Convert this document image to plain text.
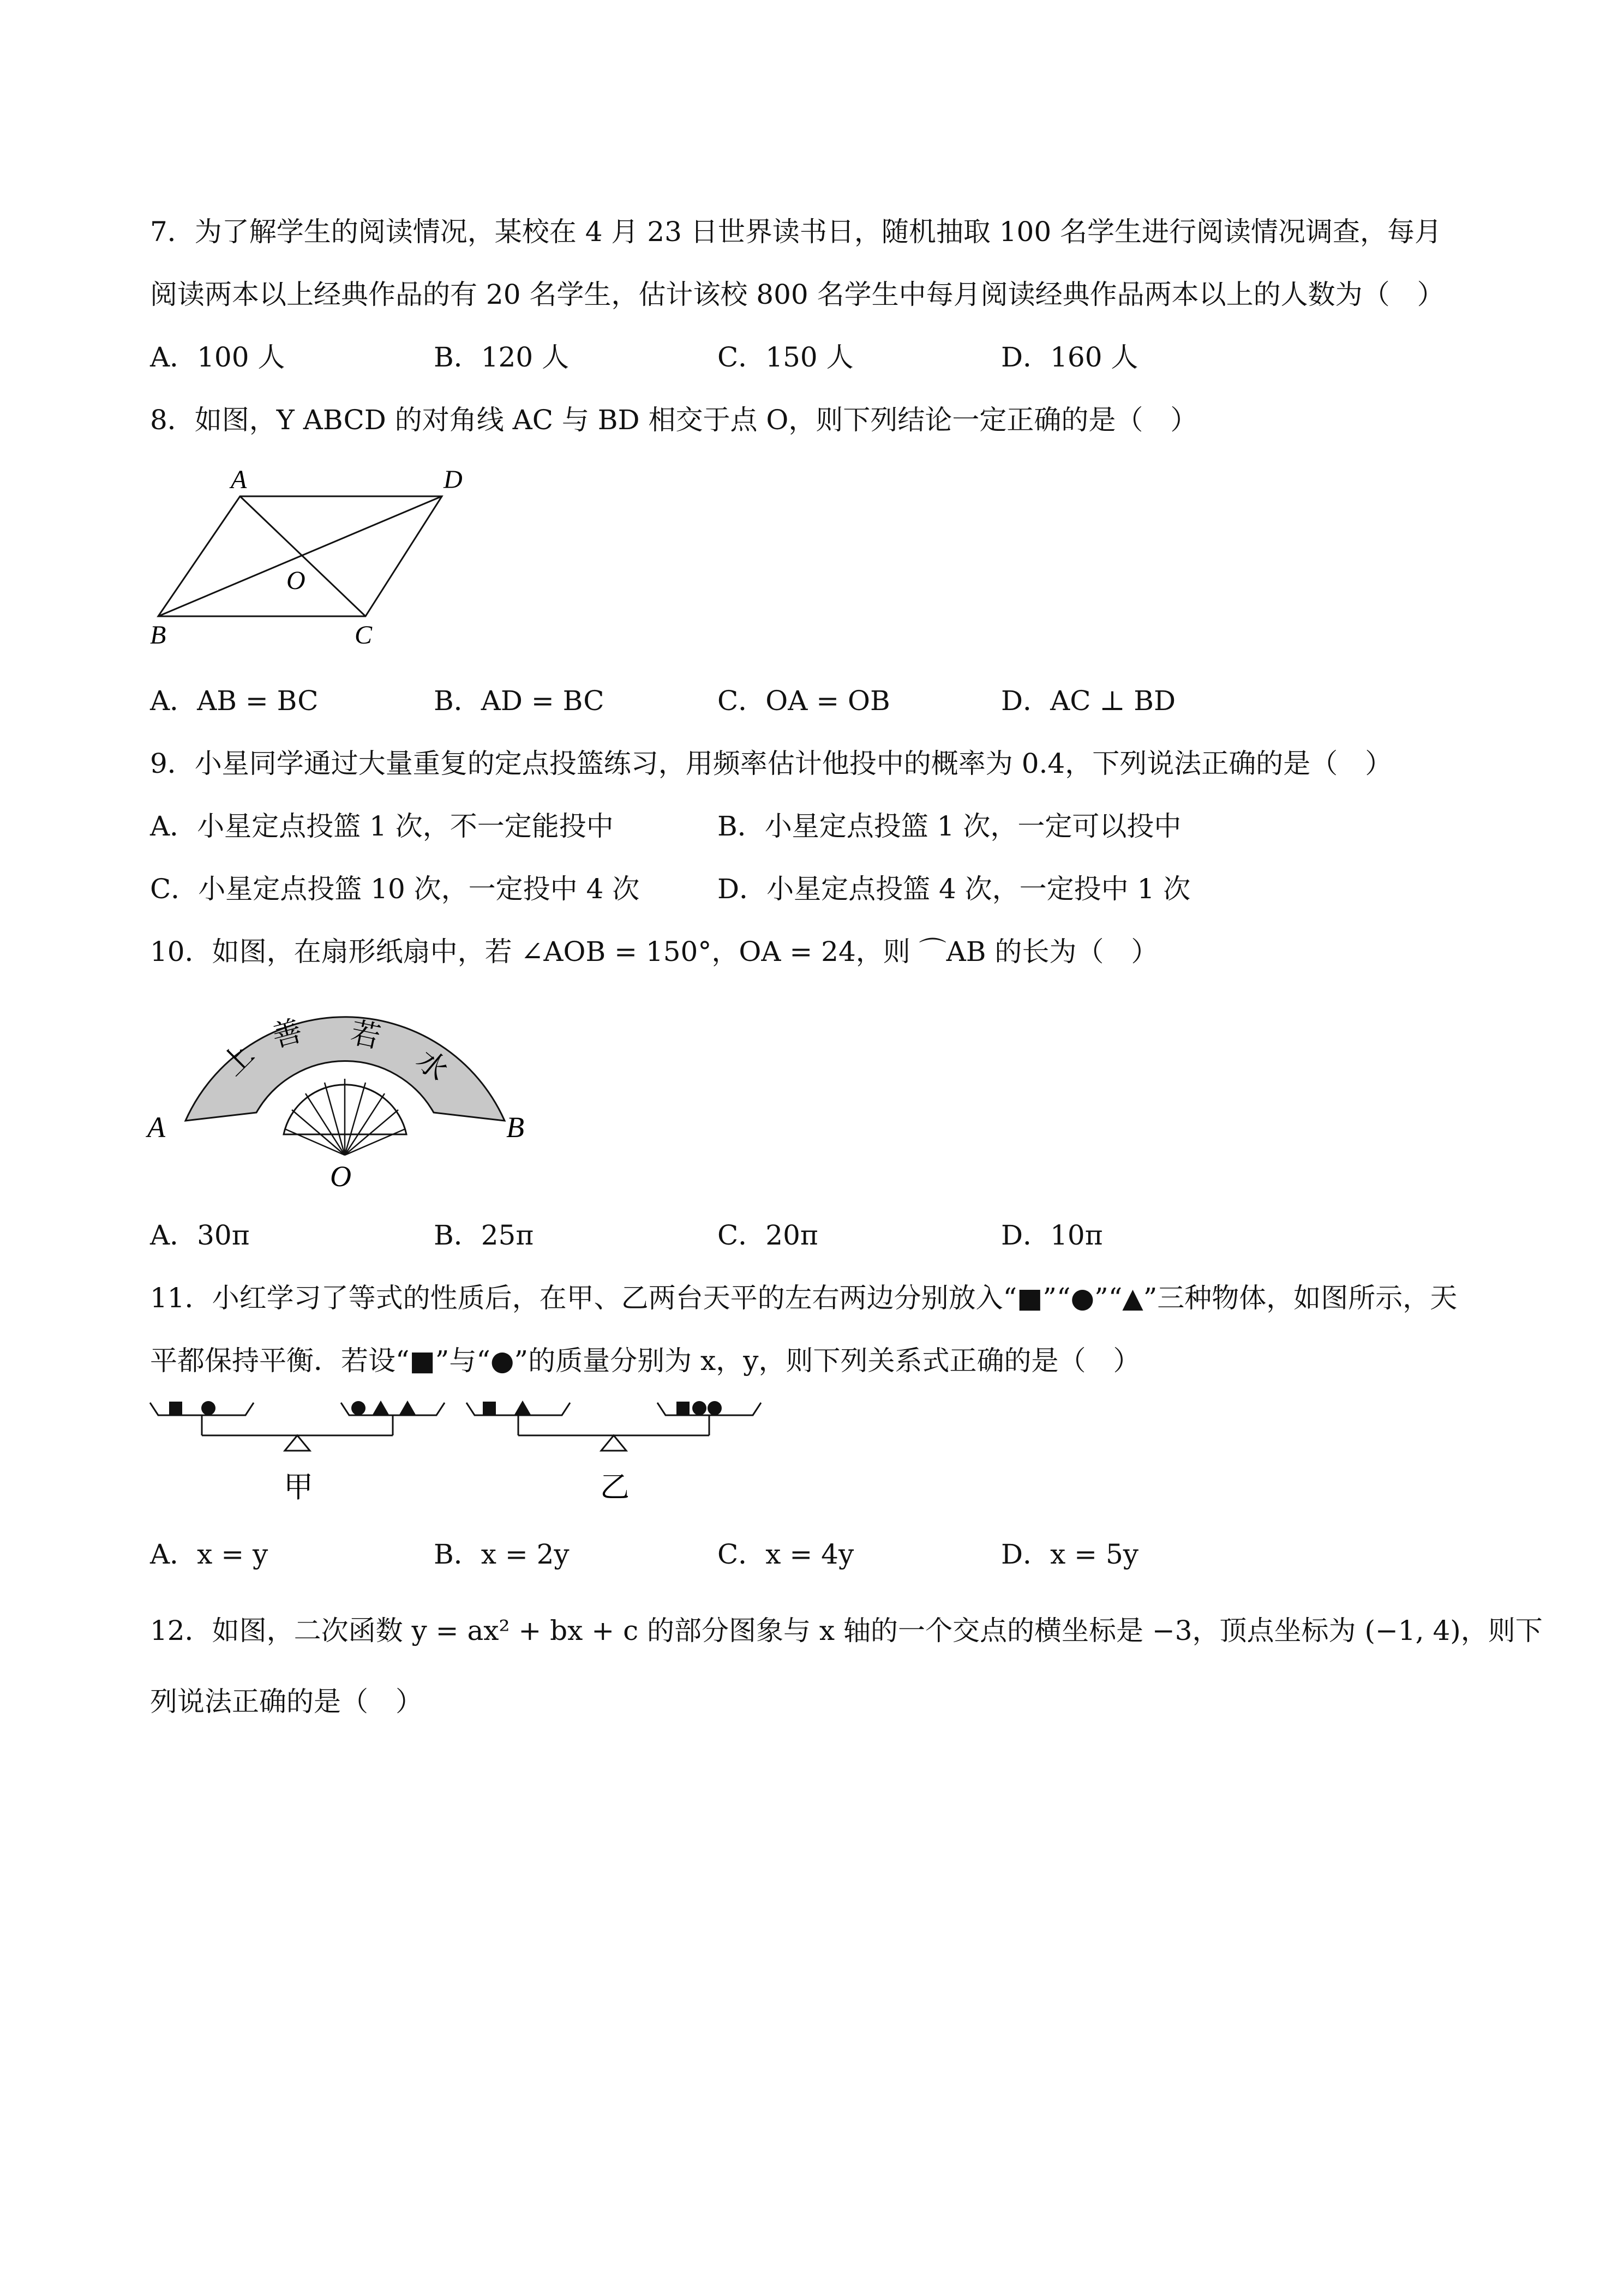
7．为了解学生的阅读情况，某校在 4 月 23 日世界读书日，随机抽取 100 名学生进行阅读情况调查，每月
阅读两本以上经典作品的有 20 名学生，估计该校 800 名学生中每月阅读经典作品两本以上的人数为（　）
A．100 人	B．120 人	C．150 人	D．160 人
8．如图，Y ABCD 的对角线 AC 与 BD 相交于点 O，则下列结论一定正确的是（　）
A	D
O
B	C
A．AB = BC	B．AD = BC	C．OA = OB	D．AC ⊥ BD
9．小星同学通过大量重复的定点投篮练习，用频率估计他投中的概率为 0.4，下列说法正确的是（　）
A．小星定点投篮 1 次，不一定能投中	B．小星定点投篮 1 次，一定可以投中
C．小星定点投篮 10 次，一定投中 4 次	D．小星定点投篮 4 次，一定投中 1 次
10．如图，在扇形纸扇中，若 ∠AOB = 150°，OA = 24，则 ⌒AB 的长为（　）
上
善 若
水
A	B
O
A．30π	B．25π	C．20π	D．10π
11．小红学习了等式的性质后，在甲、乙两台天平的左右两边分别放入“■”“●”“▲”三种物体，如图所示，天
平都保持平衡．若设“■”与“●”的质量分别为 x，y，则下列关系式正确的是（　）
甲	乙
A．x = y	B．x = 2y	C．x = 4y	D．x = 5y
12．如图，二次函数 y = ax² + bx + c 的部分图象与 x 轴的一个交点的横坐标是 −3，顶点坐标为 (−1, 4)，则下
列说法正确的是（　）
